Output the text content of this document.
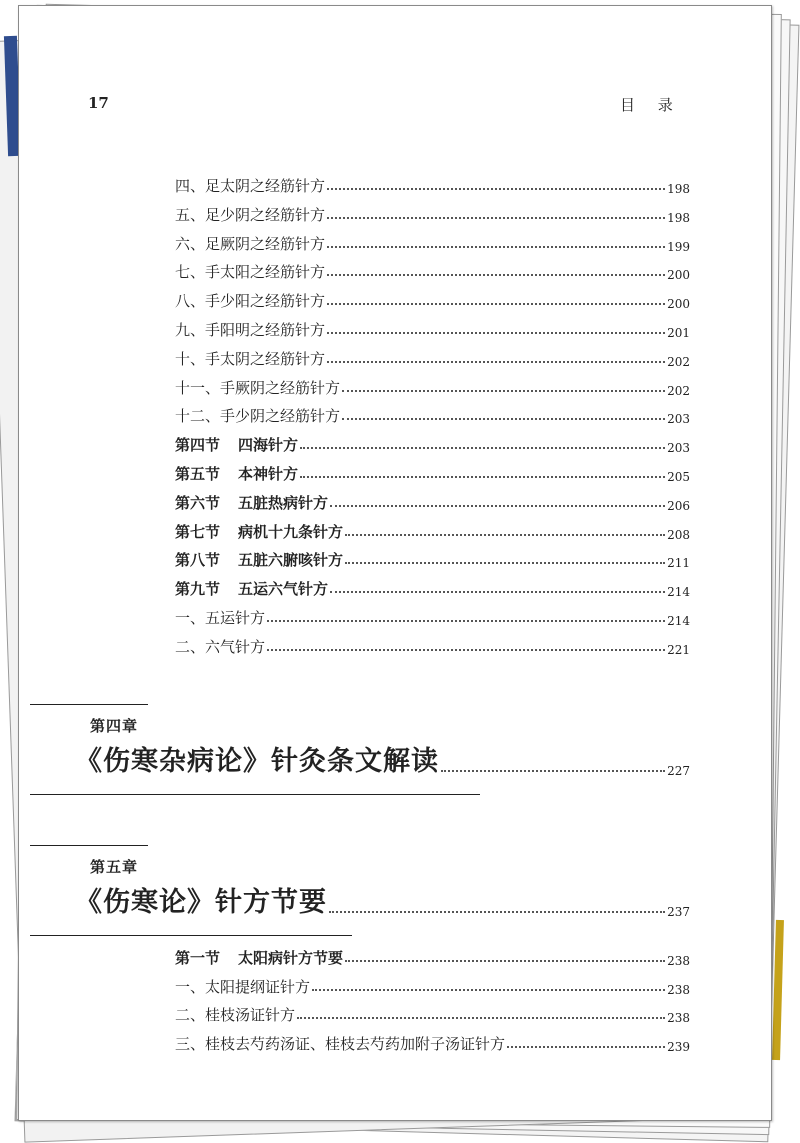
17	目 录
四、足太阴之经筋针方	198
五、足少阴之经筋针方	198
六、足厥阴之经筋针方	199
七、手太阳之经筋针方	200
八、手少阳之经筋针方	200
九、手阳明之经筋针方	201
十、手太阴之经筋针方	202
十一、手厥阴之经筋针方	202
十二、手少阴之经筋针方	203
第四节 四海针方	203
第五节 本神针方	205
第六节 五脏热病针方	206
第七节 病机十九条针方	208
第八节 五脏六腑咳针方	211
第九节 五运六气针方	214
一、五运针方	214
二、六气针方	221
第四章
《伤寒杂病论》针灸条文解读	227
第五章
《伤寒论》针方节要	237
第一节 太阳病针方节要	238
一、太阳提纲证针方	238
二、桂枝汤证针方	238
三、桂枝去芍药汤证、桂枝去芍药加附子汤证针方	239
